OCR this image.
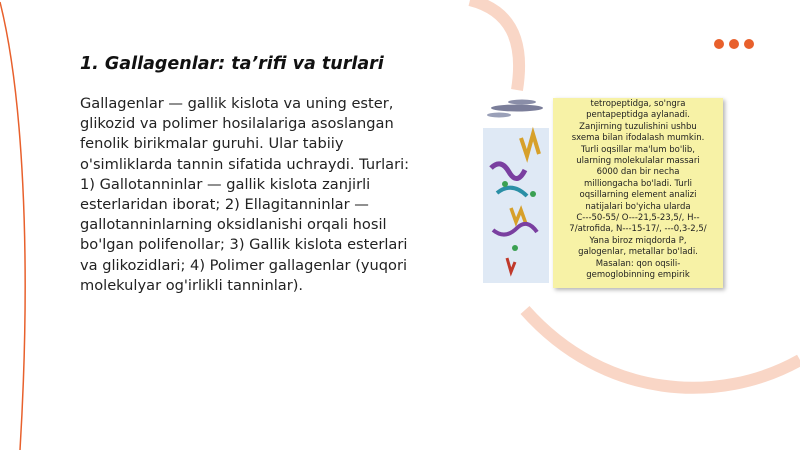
1. Gallagenlar: ta’rifi va turlari
Gallagenlar — gallik kislota va uning ester,
glikozid va polimer hosilalariga asoslangan
fenolik birikmalar guruhi. Ular tabiiy
o'simliklarda tannin sifatida uchraydi. Turlari:
1) Gallotanninlar — gallik kislota zanjirli
esterlaridan iborat; 2) Ellagitanninlar —
gallotanninlarning oksidlanishi orqali hosil
bo'lgan polifenollar; 3) Gallik kislota esterlari
va glikozidlari; 4) Polimer gallagenlar (yuqori
molekulyar og'irlikli tanninlar).
tetropeptidga, so'ngra
pentapeptidga aylanadi.
Zanjirning tuzulishini ushbu
sxema bilan ifodalash mumkin.
Turli oqsillar ma'lum bo'lib,
ularning molekulalar massari
6000 dan bir necha
milliongacha bo'ladi. Turli
oqsillarning element analizi
natijalari bo'yicha ularda
C---50-55/ O---21,5-23,5/, H--
7/atrofida, N---15-17/, ---0,3-2,5/
Yana biroz miqdorda P,
galogenlar, metallar bo'ladi.
Masalan: qon oqsili-
gemoglobinning empirik
